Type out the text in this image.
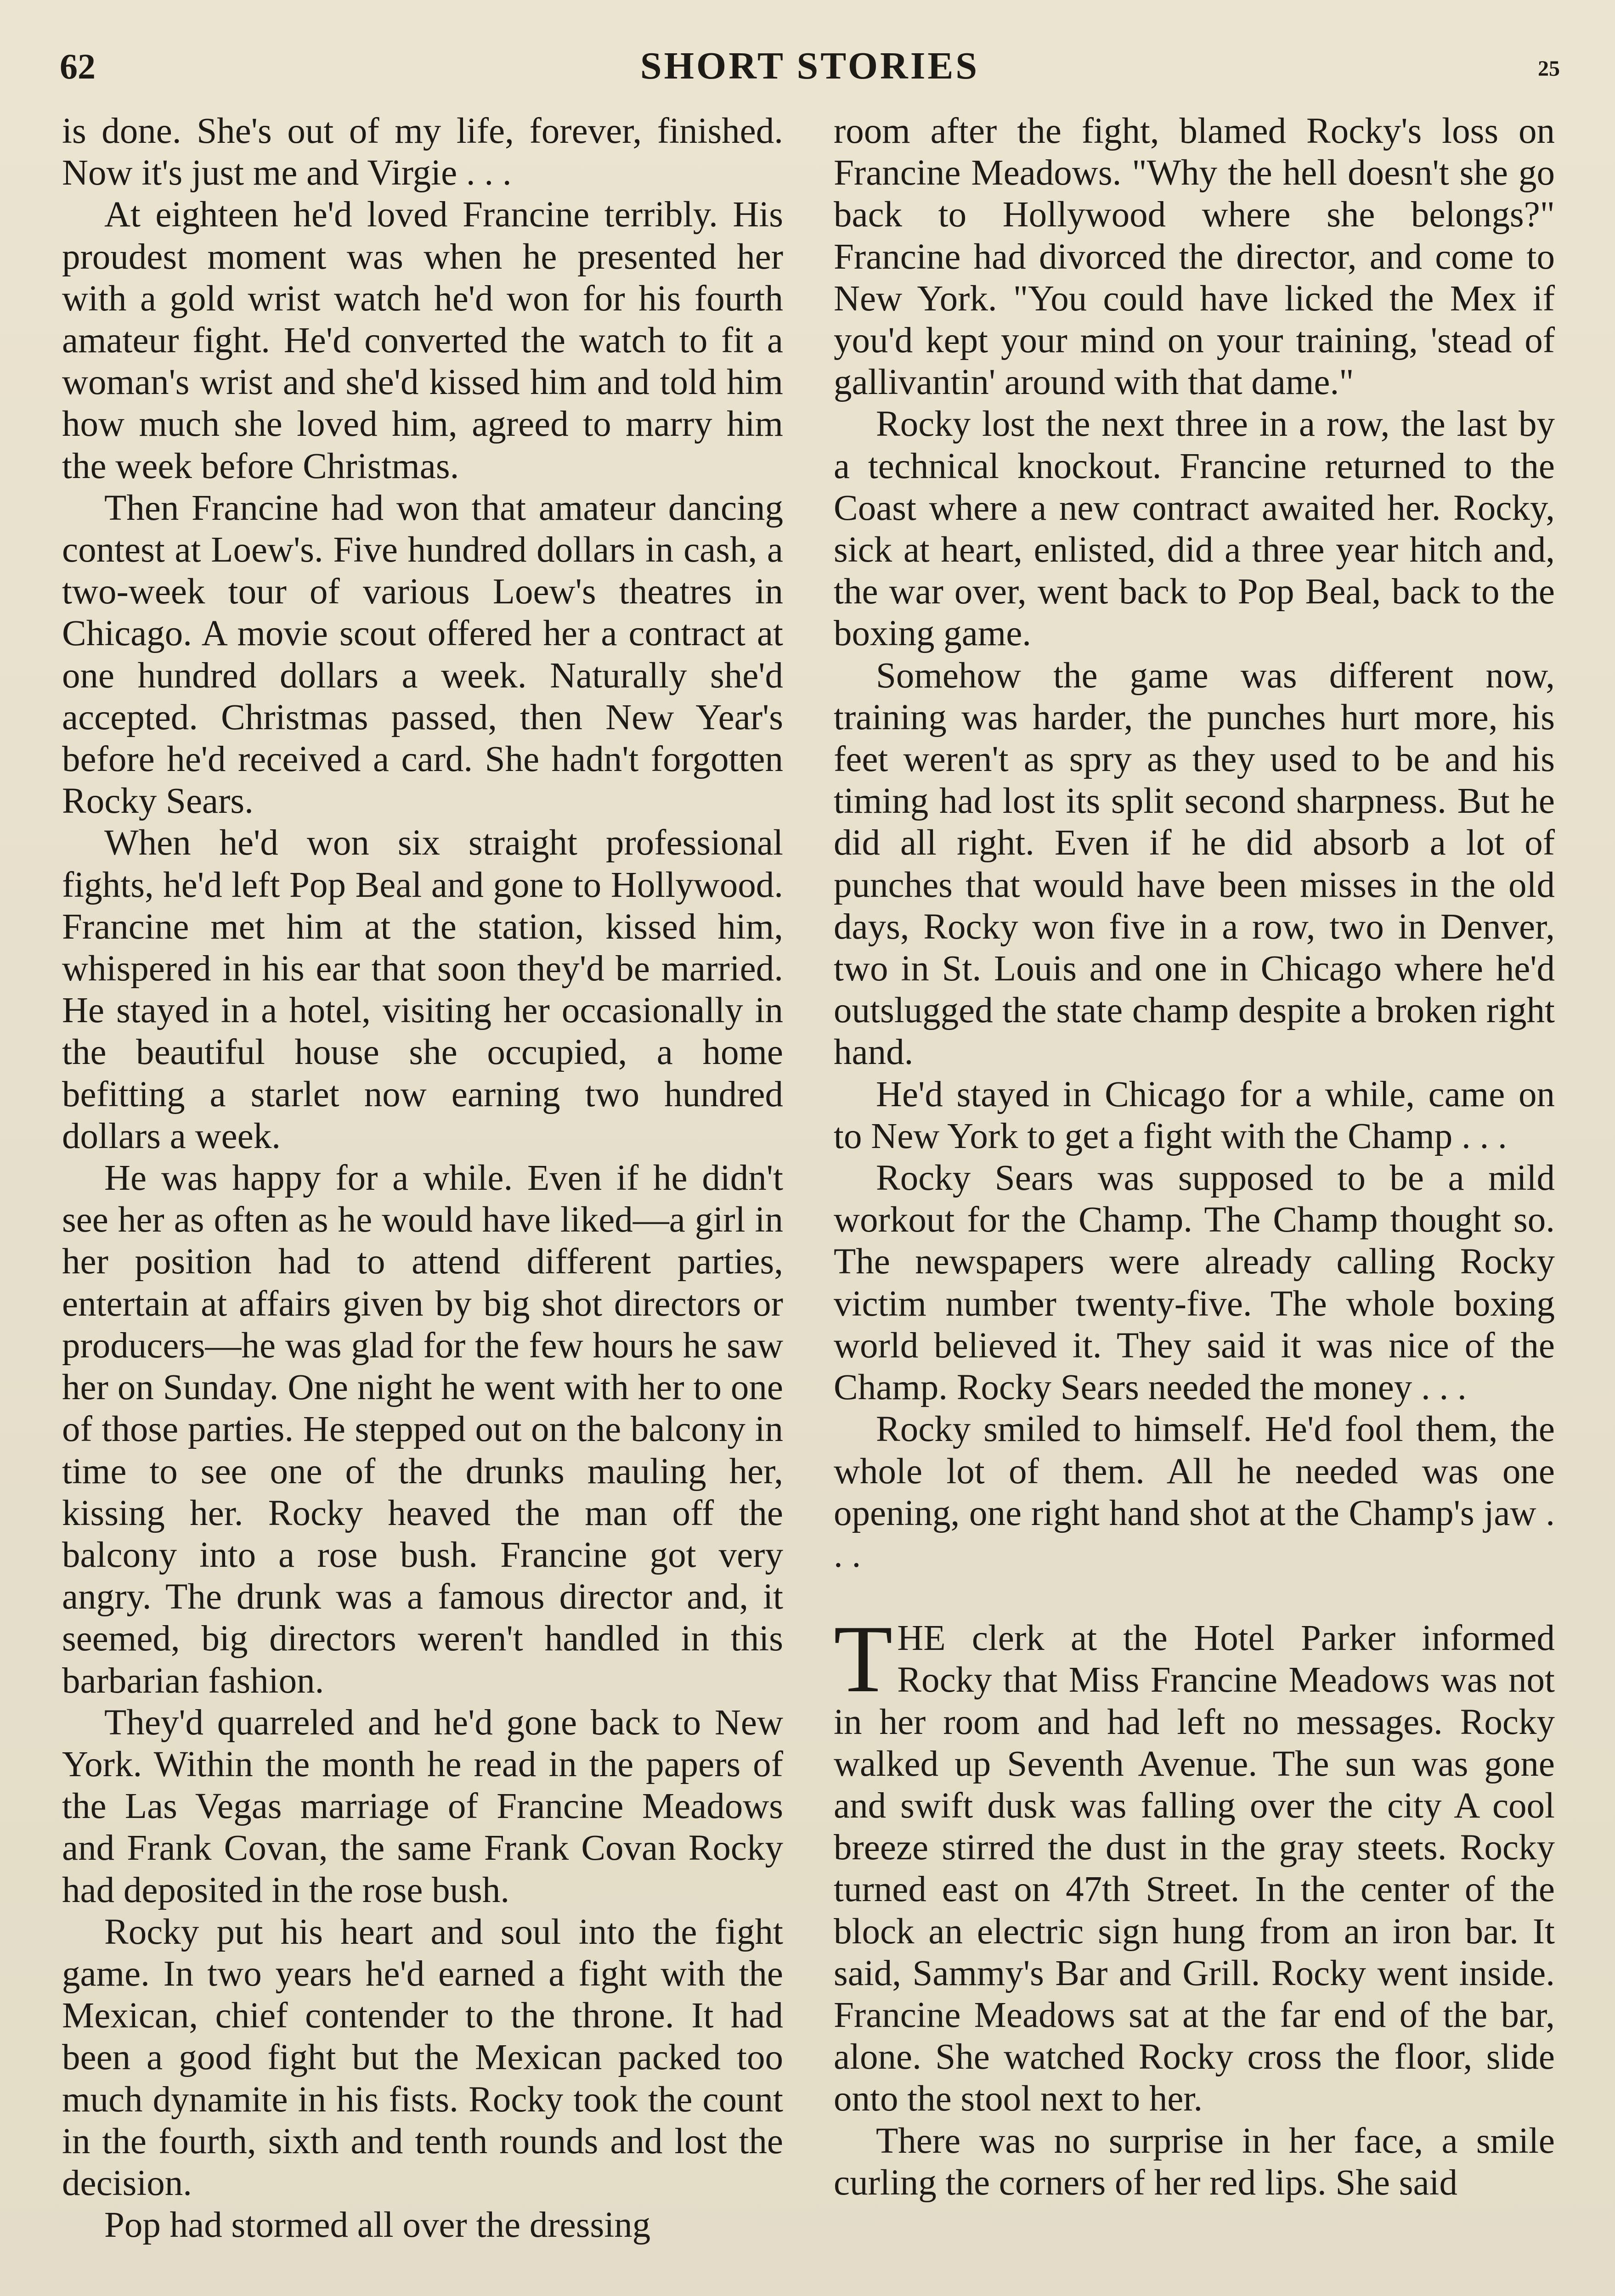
62	SHORT STORIES	25

is done. She's out of my life, forever, finished. Now it's just me and Virgie . . .

At eighteen he'd loved Francine terribly. His proudest moment was when he presented her with a gold wrist watch he'd won for his fourth amateur fight. He'd converted the watch to fit a woman's wrist and she'd kissed him and told him how much she loved him, agreed to marry him the week before Christmas.

Then Francine had won that amateur dancing contest at Loew's. Five hundred dollars in cash, a two-week tour of various Loew's theatres in Chicago. A movie scout offered her a contract at one hundred dollars a week. Naturally she'd accepted. Christmas passed, then New Year's before he'd received a card. She hadn't forgotten Rocky Sears.

When he'd won six straight professional fights, he'd left Pop Beal and gone to Hollywood. Francine met him at the station, kissed him, whispered in his ear that soon they'd be married. He stayed in a hotel, visiting her occasionally in the beautiful house she occupied, a home befitting a starlet now earning two hundred dollars a week.

He was happy for a while. Even if he didn't see her as often as he would have liked—a girl in her position had to attend different parties, entertain at affairs given by big shot directors or producers—he was glad for the few hours he saw her on Sunday. One night he went with her to one of those parties. He stepped out on the balcony in time to see one of the drunks mauling her, kissing her. Rocky heaved the man off the balcony into a rose bush. Francine got very angry. The drunk was a famous director and, it seemed, big directors weren't handled in this barbarian fashion.

They'd quarreled and he'd gone back to New York. Within the month he read in the papers of the Las Vegas marriage of Francine Meadows and Frank Covan, the same Frank Covan Rocky had deposited in the rose bush.

Rocky put his heart and soul into the fight game. In two years he'd earned a fight with the Mexican, chief contender to the throne. It had been a good fight but the Mexican packed too much dynamite in his fists. Rocky took the count in the fourth, sixth and tenth rounds and lost the decision.

Pop had stormed all over the dressing

room after the fight, blamed Rocky's loss on Francine Meadows. "Why the hell doesn't she go back to Hollywood where she belongs?" Francine had divorced the director, and come to New York. "You could have licked the Mex if you'd kept your mind on your training, 'stead of gallivantin' around with that dame."

Rocky lost the next three in a row, the last by a technical knockout. Francine returned to the Coast where a new contract awaited her. Rocky, sick at heart, enlisted, did a three year hitch and, the war over, went back to Pop Beal, back to the boxing game.

Somehow the game was different now, training was harder, the punches hurt more, his feet weren't as spry as they used to be and his timing had lost its split second sharpness. But he did all right. Even if he did absorb a lot of punches that would have been misses in the old days, Rocky won five in a row, two in Denver, two in St. Louis and one in Chicago where he'd outslugged the state champ despite a broken right hand.

He'd stayed in Chicago for a while, came on to New York to get a fight with the Champ . . .

Rocky Sears was supposed to be a mild workout for the Champ. The Champ thought so. The newspapers were already calling Rocky victim number twenty-five. The whole boxing world believed it. They said it was nice of the Champ. Rocky Sears needed the money . . .

Rocky smiled to himself. He'd fool them, the whole lot of them. All he needed was one opening, one right hand shot at the Champ's jaw . . .

THE clerk at the Hotel Parker informed Rocky that Miss Francine Meadows was not in her room and had left no messages. Rocky walked up Seventh Avenue. The sun was gone and swift dusk was falling over the city A cool breeze stirred the dust in the gray steets. Rocky turned east on 47th Street. In the center of the block an electric sign hung from an iron bar. It said, Sammy's Bar and Grill. Rocky went inside. Francine Meadows sat at the far end of the bar, alone. She watched Rocky cross the floor, slide onto the stool next to her.

There was no surprise in her face, a smile curling the corners of her red lips. She said
